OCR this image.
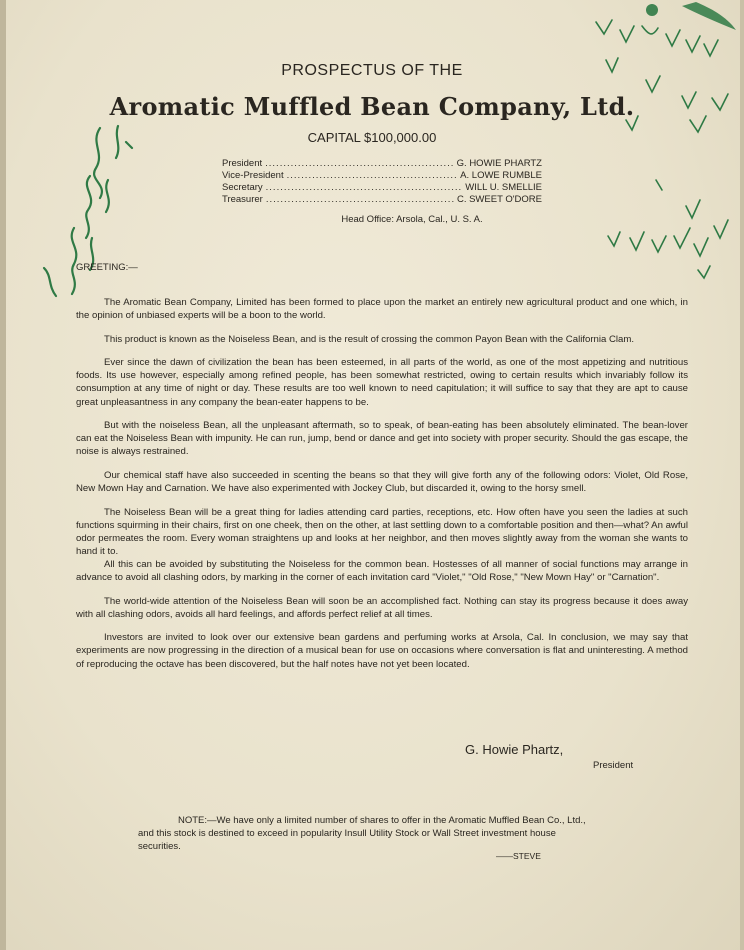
PROSPECTUS OF THE
Aromatic Muffled Bean Company, Ltd.
CAPITAL $100,000.00
President .....	G. HOWIE PHARTZ
Vice-President .....	A. LOWE RUMBLE
Secretary .....	WILL U. SMELLIE
Treasurer .....	C. SWEET O'DORE
Head Office: Arsola, Cal., U. S. A.
GREETING:—

The Aromatic Bean Company, Limited has been formed to place upon the market an entirely new agricultural product and one which, in the opinion of unbiased experts will be a boon to the world.

This product is known as the Noiseless Bean, and is the result of crossing the common Payon Bean with the California Clam.

Ever since the dawn of civilization the bean has been esteemed, in all parts of the world, as one of the most appetizing and nutritious foods. Its use however, especially among refined people, has been somewhat restricted, owing to certain results which invariably follow its consumption at any time of night or day. These results are too well known to need capitulation; it will suffice to say that they are apt to cause great unpleasantness in any company the bean-eater happens to be.

But with the noiseless Bean, all the unpleasant aftermath, so to speak, of bean-eating has been absolutely eliminated. The bean-lover can eat the Noiseless Bean with impunity. He can run, jump, bend or dance and get into society with proper security. Should the gas escape, the noise is always restrained.

Our chemical staff have also succeeded in scenting the beans so that they will give forth any of the following odors: Violet, Old Rose, New Mown Hay and Carnation. We have also experimented with Jockey Club, but discarded it, owing to the horsy smell.

The Noiseless Bean will be a great thing for ladies attending card parties, receptions, etc. How often have you seen the ladies at such functions squirming in their chairs, first on one cheek, then on the other, at last settling down to a comfortable position and then—what? An awful odor permeates the room. Every woman straightens up and looks at her neighbor, and then moves slightly away from the woman she wants to hand it to.

All this can be avoided by substituting the Noiseless for the common bean. Hostesses of all manner of social functions may arrange in advance to avoid all clashing odors, by marking in the corner of each invitation card "Violet," "Old Rose," "New Mown Hay" or "Carnation".

The world-wide attention of the Noiseless Bean will soon be an accomplished fact. Nothing can stay its progress because it does away with all clashing odors, avoids all hard feelings, and affords perfect relief at all times.

Investors are invited to look over our extensive bean gardens and perfuming works at Arsola, Cal. In conclusion, we may say that experiments are now progressing in the direction of a musical bean for use on occasions where conversation is flat and uninteresting. A method of reproducing the octave has been discovered, but the half notes have not yet been located.

G. Howie Phartz,
President

NOTE:—We have only a limited number of shares to offer in the Aromatic Muffled Bean Co., Ltd., and this stock is destined to exceed in popularity Insull Utility Stock or Wall Street investment house securities.

——STEVE
